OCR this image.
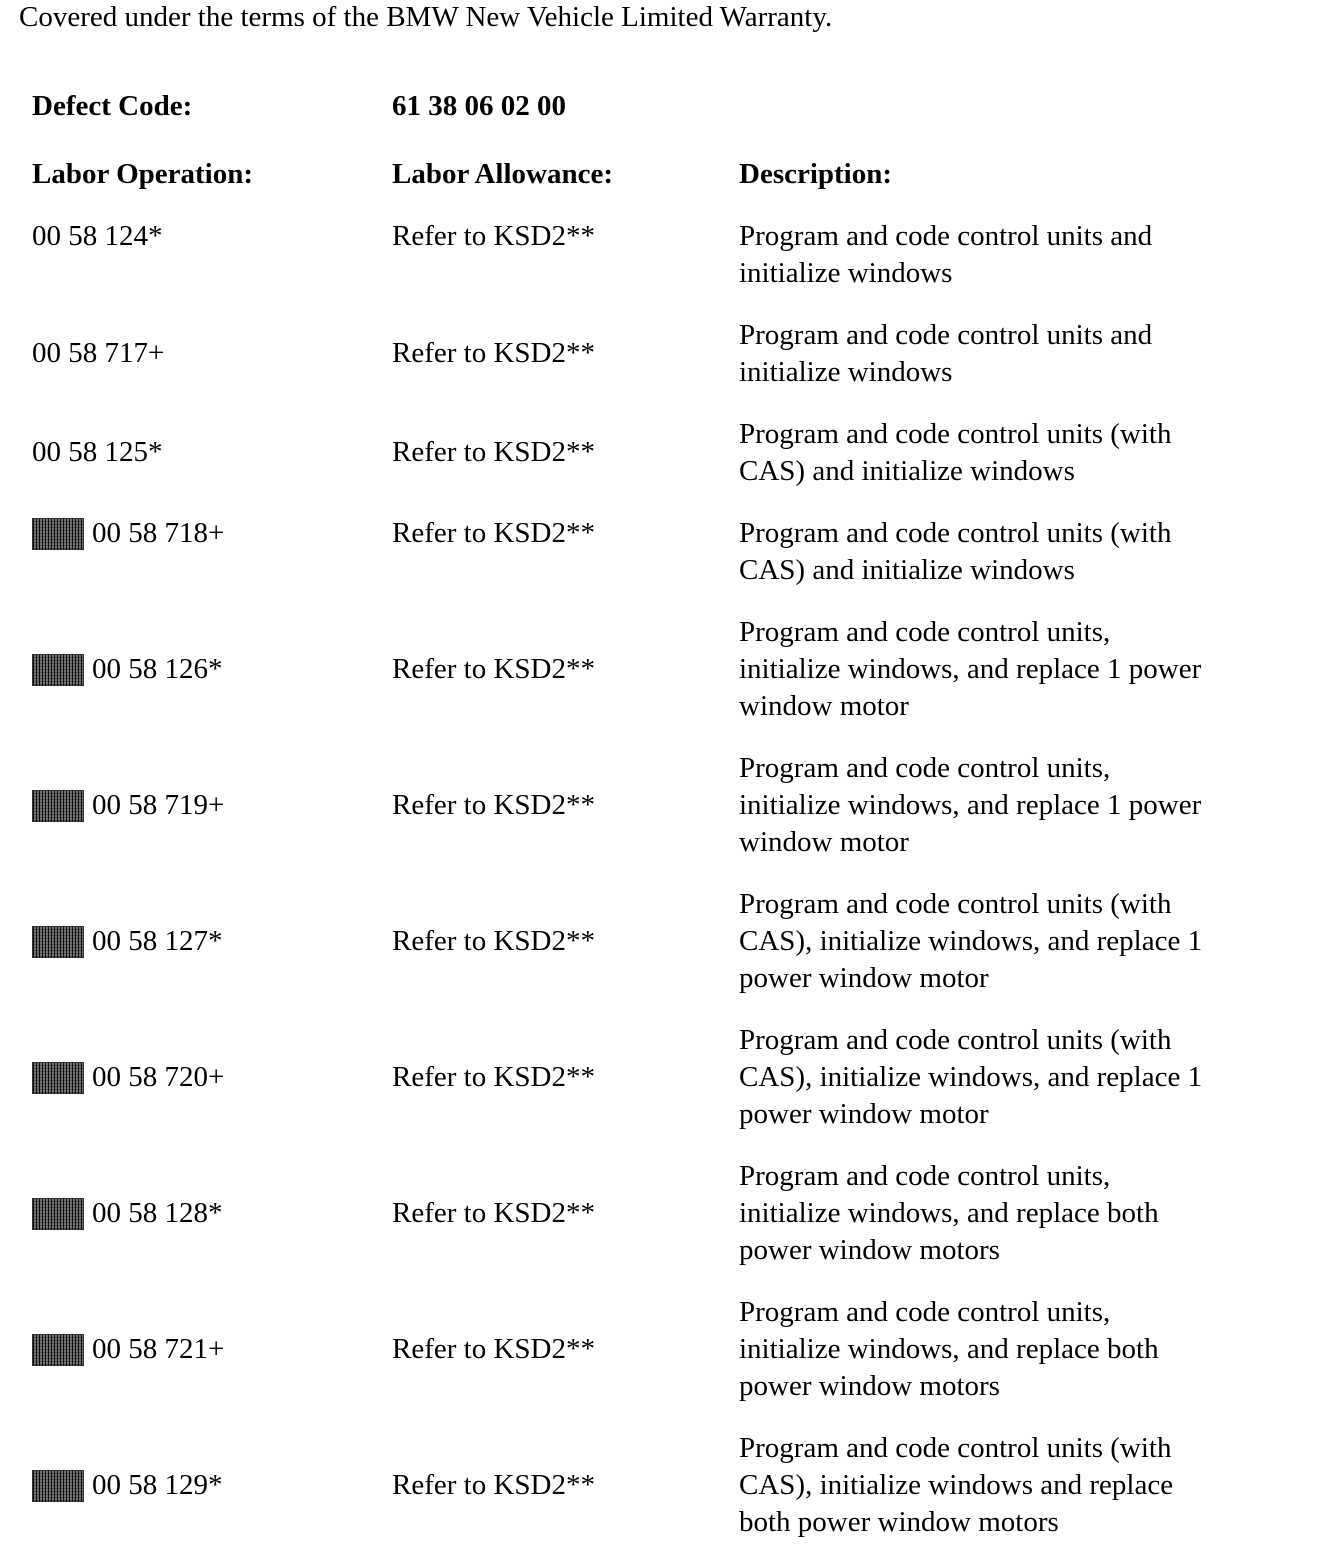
Covered under the terms of the BMW New Vehicle Limited Warranty.
Defect Code:	61 38 06 02 00
Labor Operation:	Labor Allowance:	Description:
00 58 124*	Refer to KSD2**	Program and code control units and
initialize windows
00 58 717+	Refer to KSD2**
Program and code control units and
initialize windows
00 58 125*	Refer to KSD2**
Program and code control units (with
CAS) and initialize windows
00 58 718+	Refer to KSD2**	Program and code control units (with
CAS) and initialize windows
00 58 126*	Refer to KSD2**
Program and code control units,
initialize windows, and replace 1 power
window motor
00 58 719+	Refer to KSD2**
Program and code control units,
initialize windows, and replace 1 power
window motor
00 58 127*	Refer to KSD2**
Program and code control units (with
CAS), initialize windows, and replace 1
power window motor
00 58 720+	Refer to KSD2**
Program and code control units (with
CAS), initialize windows, and replace 1
power window motor
00 58 128*	Refer to KSD2**
Program and code control units,
initialize windows, and replace both
power window motors
00 58 721+	Refer to KSD2**
Program and code control units,
initialize windows, and replace both
power window motors
00 58 129*	Refer to KSD2**
Program and code control units (with
CAS), initialize windows and replace
both power window motors
